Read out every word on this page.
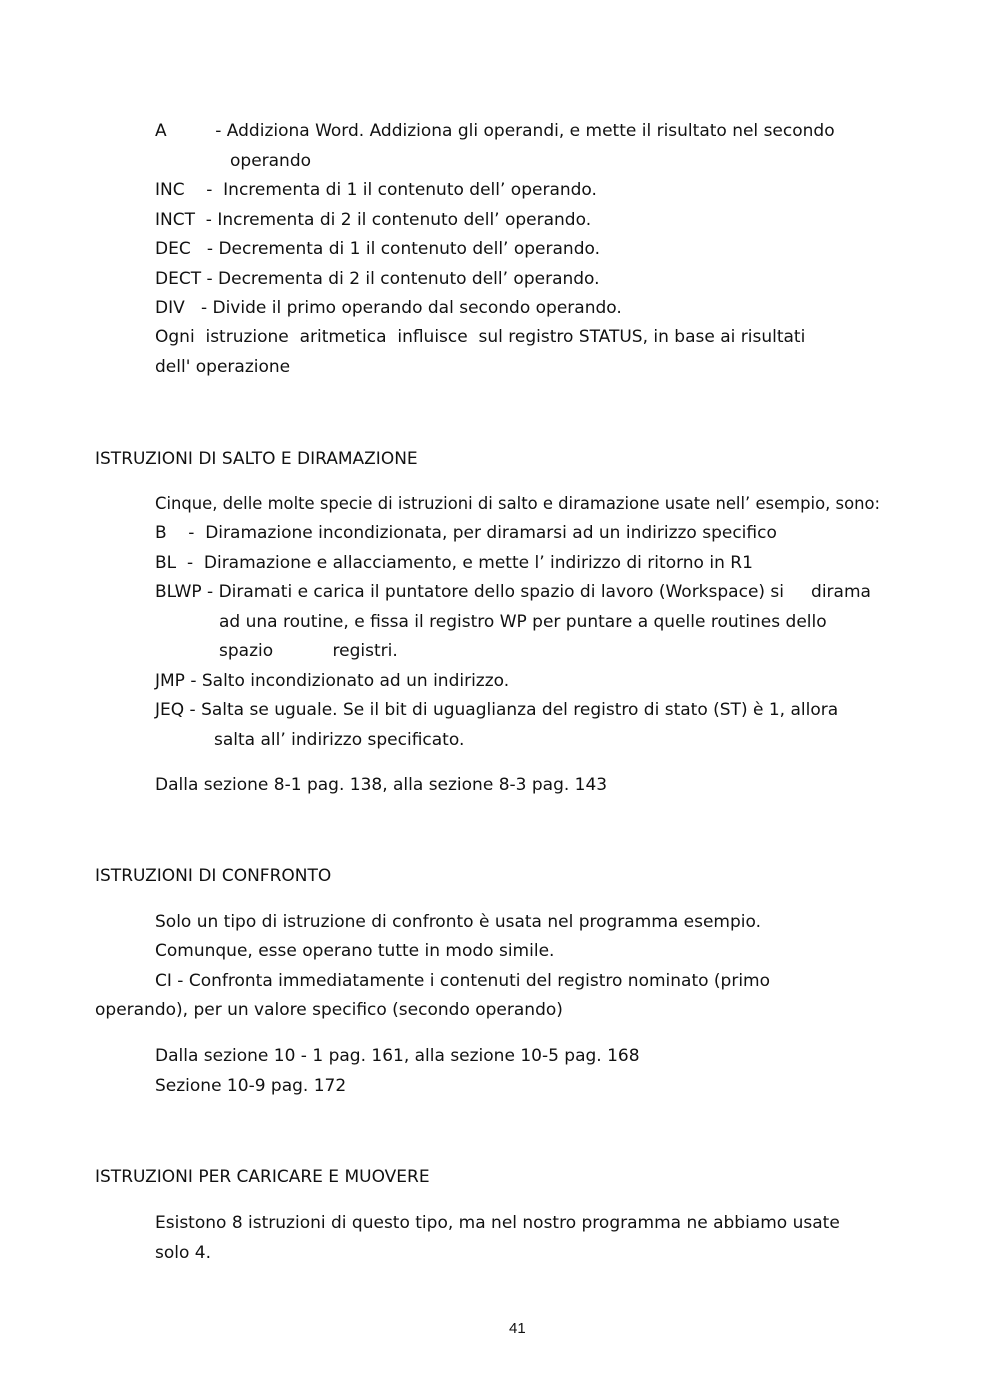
A         - Addiziona Word. Addiziona gli operandi, e mette il risultato nel secondo
operando
INC    -  Incrementa di 1 il contenuto dell’ operando.
INCT  - Incrementa di 2 il contenuto dell’ operando.
DEC   - Decrementa di 1 il contenuto dell’ operando.
DECT - Decrementa di 2 il contenuto dell’ operando.
DIV   - Divide il primo operando dal secondo operando.
Ogni  istruzione  aritmetica  influisce  sul registro STATUS, in base ai risultati
dell' operazione
ISTRUZIONI DI SALTO E DIRAMAZIONE
Cinque, delle molte specie di istruzioni di salto e diramazione usate nell’ esempio, sono:
B    -  Diramazione incondizionata, per diramarsi ad un indirizzo specifico
BL  -  Diramazione e allacciamento, e mette l’ indirizzo di ritorno in R1
BLWP - Diramati e carica il puntatore dello spazio di lavoro (Workspace) si     dirama
ad una routine, e fissa il registro WP per puntare a quelle routines dello
spazio           registri.
JMP - Salto incondizionato ad un indirizzo.
JEQ - Salta se uguale. Se il bit di uguaglianza del registro di stato (ST) è 1, allora
salta all’ indirizzo specificato.
Dalla sezione 8-1 pag. 138, alla sezione 8-3 pag. 143
ISTRUZIONI DI CONFRONTO
Solo un tipo di istruzione di confronto è usata nel programma esempio.
Comunque, esse operano tutte in modo simile.
CI - Confronta immediatamente i contenuti del registro nominato (primo
operando), per un valore specifico (secondo operando)
Dalla sezione 10 - 1 pag. 161, alla sezione 10-5 pag. 168
Sezione 10-9 pag. 172
ISTRUZIONI PER CARICARE E MUOVERE
Esistono 8 istruzioni di questo tipo, ma nel nostro programma ne abbiamo usate
solo 4.
41
